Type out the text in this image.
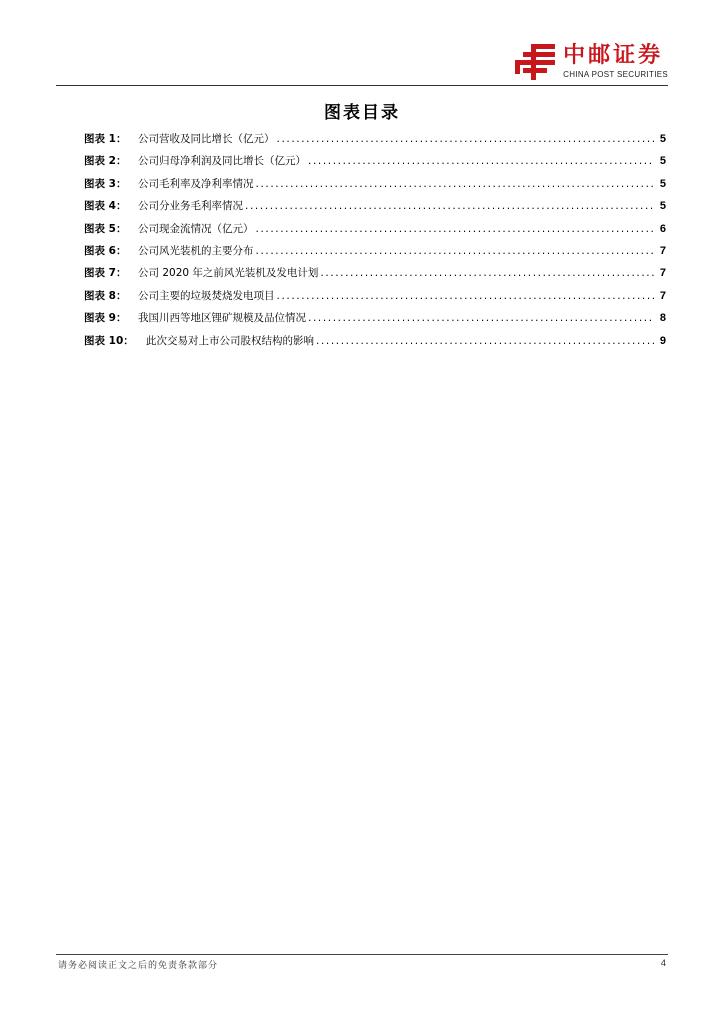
中邮证券
CHINA POST SECURITIES
图表目录
图表 1：	公司营收及同比增长（亿元） .....	5
图表 2：	公司归母净利润及同比增长（亿元） .....	5
图表 3：	公司毛利率及净利率情况 .....	5
图表 4：	公司分业务毛利率情况 .....	5
图表 5：	公司现金流情况（亿元） .....	6
图表 6：	公司风光装机的主要分布 .....	7
图表 7：	公司 2020 年之前风光装机及发电计划 .....	7
图表 8：	公司主要的垃圾焚烧发电项目 .....	7
图表 9：	我国川西等地区锂矿规模及品位情况 .....	8
图表 10：	此次交易对上市公司股权结构的影响 .....	9
请务必阅读正文之后的免责条款部分	4
